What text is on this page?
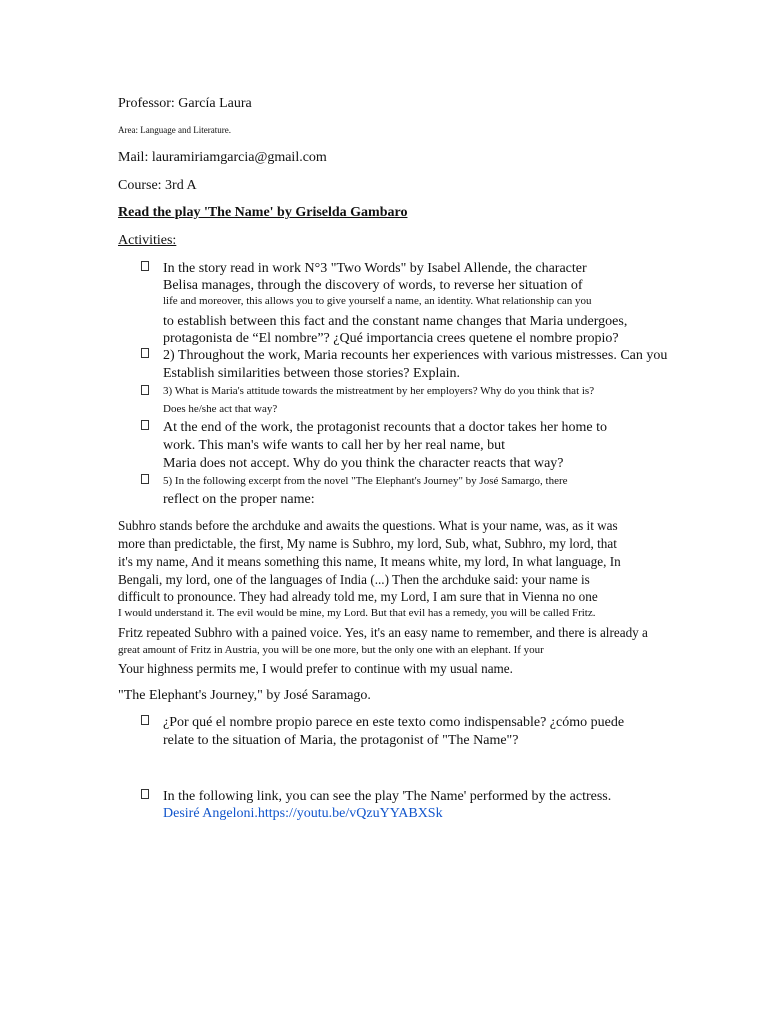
Professor: García Laura
Area: Language and Literature.
Mail: lauramiriamgarcia@gmail.com
Course: 3rd A
Read the play 'The Name' by Griselda Gambaro
Activities:
In the story read in work N°3 "Two Words" by Isabel Allende, the character
Belisa manages, through the discovery of words, to reverse her situation of
life and moreover, this allows you to give yourself a name, an identity. What relationship can you
to establish between this fact and the constant name changes that Maria undergoes,
protagonista de “El nombre”? ¿Qué importancia crees quetene el nombre propio?
2) Throughout the work, Maria recounts her experiences with various mistresses. Can you
Establish similarities between those stories? Explain.
3) What is Maria's attitude towards the mistreatment by her employers? Why do you think that is?
Does he/she act that way?
At the end of the work, the protagonist recounts that a doctor takes her home to
work. This man's wife wants to call her by her real name, but
Maria does not accept. Why do you think the character reacts that way?
5) In the following excerpt from the novel "The Elephant's Journey" by José Samargo, there
reflect on the proper name:
Subhro stands before the archduke and awaits the questions. What is your name, was, as it was
more than predictable, the first, My name is Subhro, my lord, Sub, what, Subhro, my lord, that
it's my name, And it means something this name, It means white, my lord, In what language, In
Bengali, my lord, one of the languages of India (...) Then the archduke said: your name is
difficult to pronounce. They had already told me, my Lord, I am sure that in Vienna no one
I would understand it. The evil would be mine, my Lord. But that evil has a remedy, you will be called Fritz.
Fritz repeated Subhro with a pained voice. Yes, it's an easy name to remember, and there is already a
great amount of Fritz in Austria, you will be one more, but the only one with an elephant. If your
Your highness permits me, I would prefer to continue with my usual name.
"The Elephant's Journey," by José Saramago.
¿Por qué el nombre propio parece en este texto como indispensable? ¿cómo puede
relate to the situation of Maria, the protagonist of "The Name"?
In the following link, you can see the play 'The Name' performed by the actress.
Desiré Angeloni.https://youtu.be/vQzuYYABXSk
